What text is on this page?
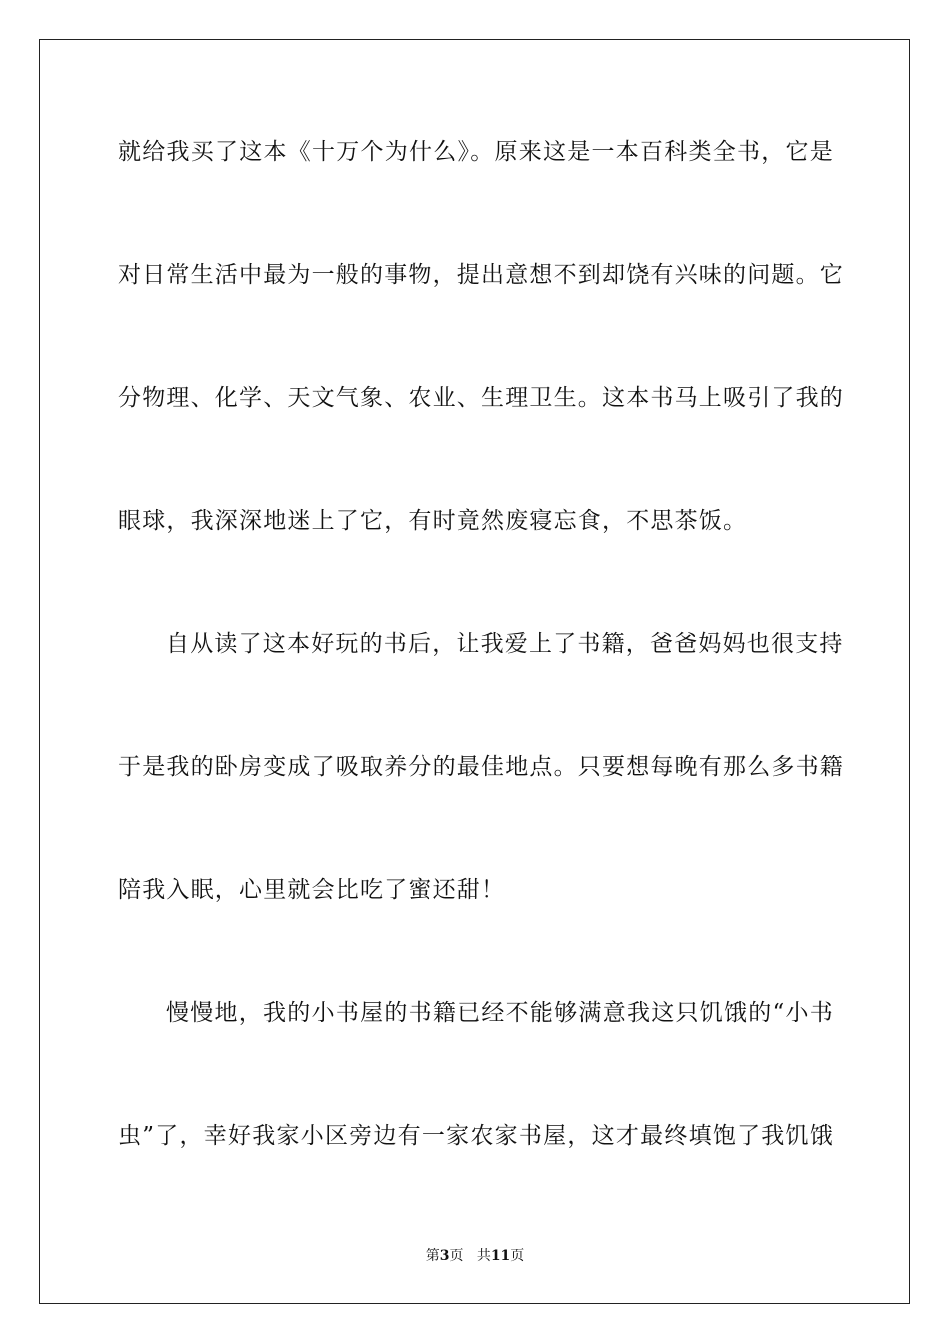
就给我买了这本《十万个为什么》。原来这是一本百科类全书，它是
对日常生活中最为一般的事物，提出意想不到却饶有兴味的问题。它
分物理、化学、天文气象、农业、生理卫生。这本书马上吸引了我的
眼球，我深深地迷上了它，有时竟然废寝忘食，不思茶饭。
自从读了这本好玩的书后，让我爱上了书籍，爸爸妈妈也很支持
于是我的卧房变成了吸取养分的最佳地点。只要想每晚有那么多书籍
陪我入眠，心里就会比吃了蜜还甜！
慢慢地，我的小书屋的书籍已经不能够满意我这只饥饿的“小书
虫”了，幸好我家小区旁边有一家农家书屋，这才最终填饱了我饥饿
第3页 共11页
